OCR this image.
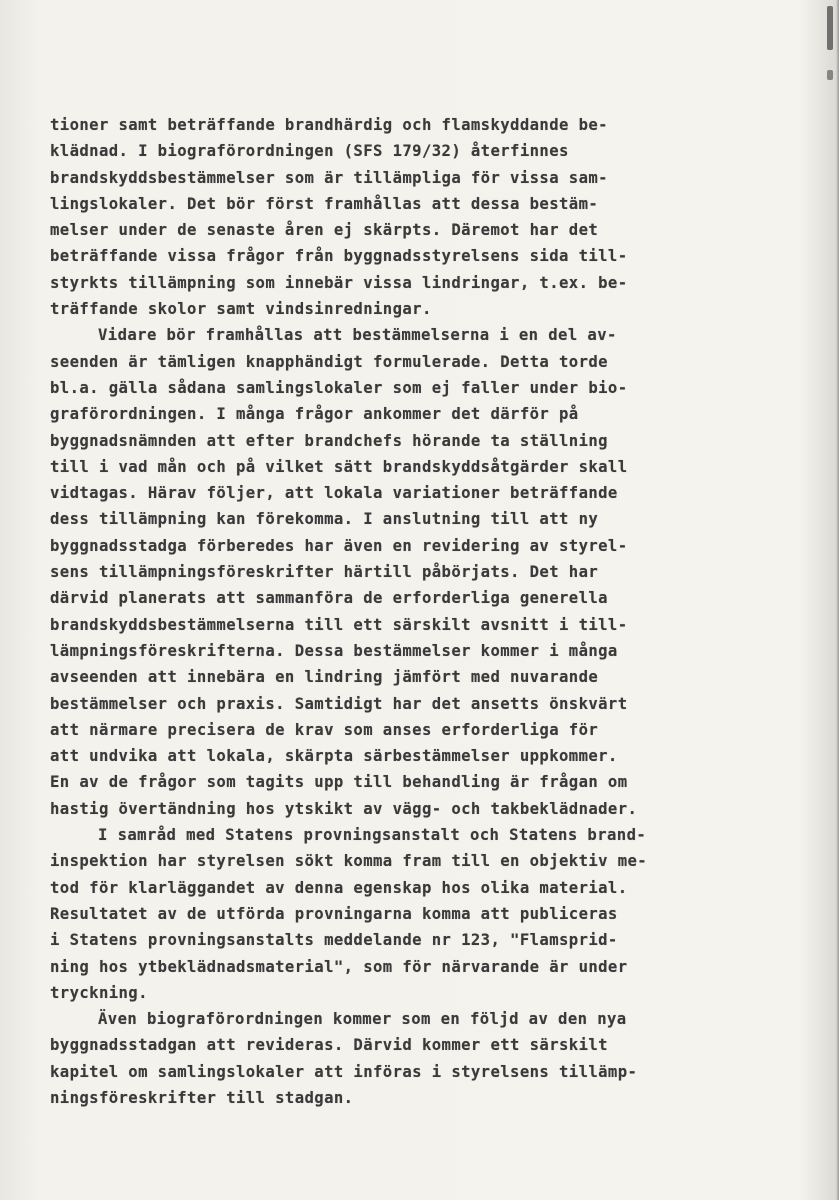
tioner samt beträffande brandhärdig och flamskyddande be-
klädnad. I biograförordningen (SFS 179/32) återfinnes
brandskyddsbestämmelser som är tillämpliga för vissa sam-
lingslokaler. Det bör först framhållas att dessa bestäm-
melser under de senaste åren ej skärpts. Däremot har det
beträffande vissa frågor från byggnadsstyrelsens sida till-
styrkts tillämpning som innebär vissa lindringar, t.ex. be-
träffande skolor samt vindsinredningar.
Vidare bör framhållas att bestämmelserna i en del av-
seenden är tämligen knapphändigt formulerade. Detta torde
bl.a. gälla sådana samlingslokaler som ej faller under bio-
graförordningen. I många frågor ankommer det därför på
byggnadsnämnden att efter brandchefs hörande ta ställning
till i vad mån och på vilket sätt brandskyddsåtgärder skall
vidtagas. Härav följer, att lokala variationer beträffande
dess tillämpning kan förekomma. I anslutning till att ny
byggnadsstadga förberedes har även en revidering av styrel-
sens tillämpningsföreskrifter härtill påbörjats. Det har
därvid planerats att sammanföra de erforderliga generella
brandskyddsbestämmelserna till ett särskilt avsnitt i till-
lämpningsföreskrifterna. Dessa bestämmelser kommer i många
avseenden att innebära en lindring jämfört med nuvarande
bestämmelser och praxis. Samtidigt har det ansetts önskvärt
att närmare precisera de krav som anses erforderliga för
att undvika att lokala, skärpta särbestämmelser uppkommer.
En av de frågor som tagits upp till behandling är frågan om
hastig övertändning hos ytskikt av vägg- och takbeklädnader.
I samråd med Statens provningsanstalt och Statens brand-
inspektion har styrelsen sökt komma fram till en objektiv me-
tod för klarläggandet av denna egenskap hos olika material.
Resultatet av de utförda provningarna komma att publiceras
i Statens provningsanstalts meddelande nr 123, "Flamsprid-
ning hos ytbeklädnadsmaterial", som för närvarande är under
tryckning.
Även biograförordningen kommer som en följd av den nya
byggnadsstadgan att revideras. Därvid kommer ett särskilt
kapitel om samlingslokaler att införas i styrelsens tillämp-
ningsföreskrifter till stadgan.
